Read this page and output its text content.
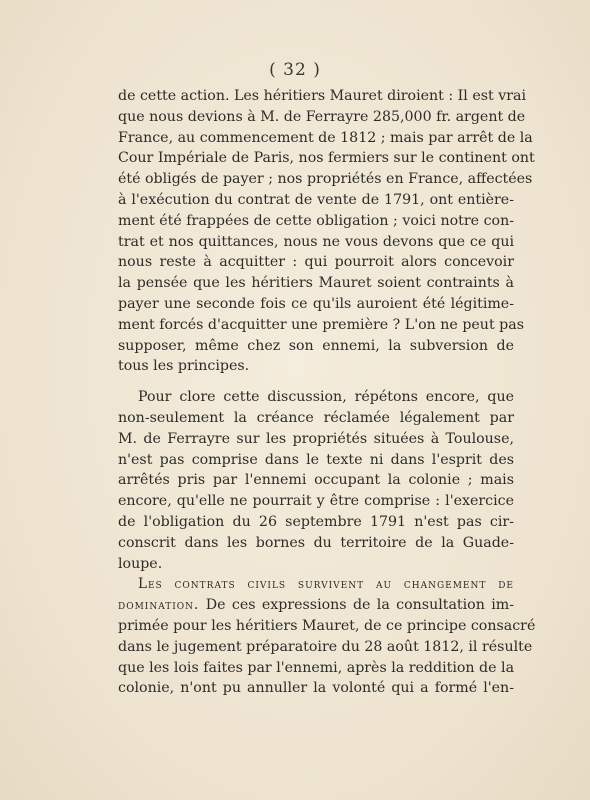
( 32 )
de cette action. Les héritiers Mauret diroient : Il est vrai
que nous devions à M. de Ferrayre 285,000 fr. argent de
France, au commencement de 1812 ; mais par arrêt de la
Cour Impériale de Paris, nos fermiers sur le continent ont
été obligés de payer ; nos propriétés en France, affectées
à l'exécution du contrat de vente de 1791, ont entière-
ment été frappées de cette obligation ; voici notre con-
trat et nos quittances, nous ne vous devons que ce qui
nous reste à acquitter : qui pourroit alors concevoir
la pensée que les héritiers Mauret soient contraints à
payer une seconde fois ce qu'ils auroient été légitime-
ment forcés d'acquitter une première ? L'on ne peut pas
supposer, même chez son ennemi, la subversion de
tous les principes.
Pour clore cette discussion, répétons encore, que
non-seulement la créance réclamée légalement par
M. de Ferrayre sur les propriétés situées à Toulouse,
n'est pas comprise dans le texte ni dans l'esprit des
arrêtés pris par l'ennemi occupant la colonie ; mais
encore, qu'elle ne pourrait y être comprise : l'exercice
de l'obligation du 26 septembre 1791 n'est pas cir-
conscrit dans les bornes du territoire de la Guade-
loupe.
Les contrats civils survivent au changement de
domination. De ces expressions de la consultation im-
primée pour les héritiers Mauret, de ce principe consacré
dans le jugement préparatoire du 28 août 1812, il résulte
que les lois faites par l'ennemi, après la reddition de la
colonie, n'ont pu annuller la volonté qui a formé l'en-
